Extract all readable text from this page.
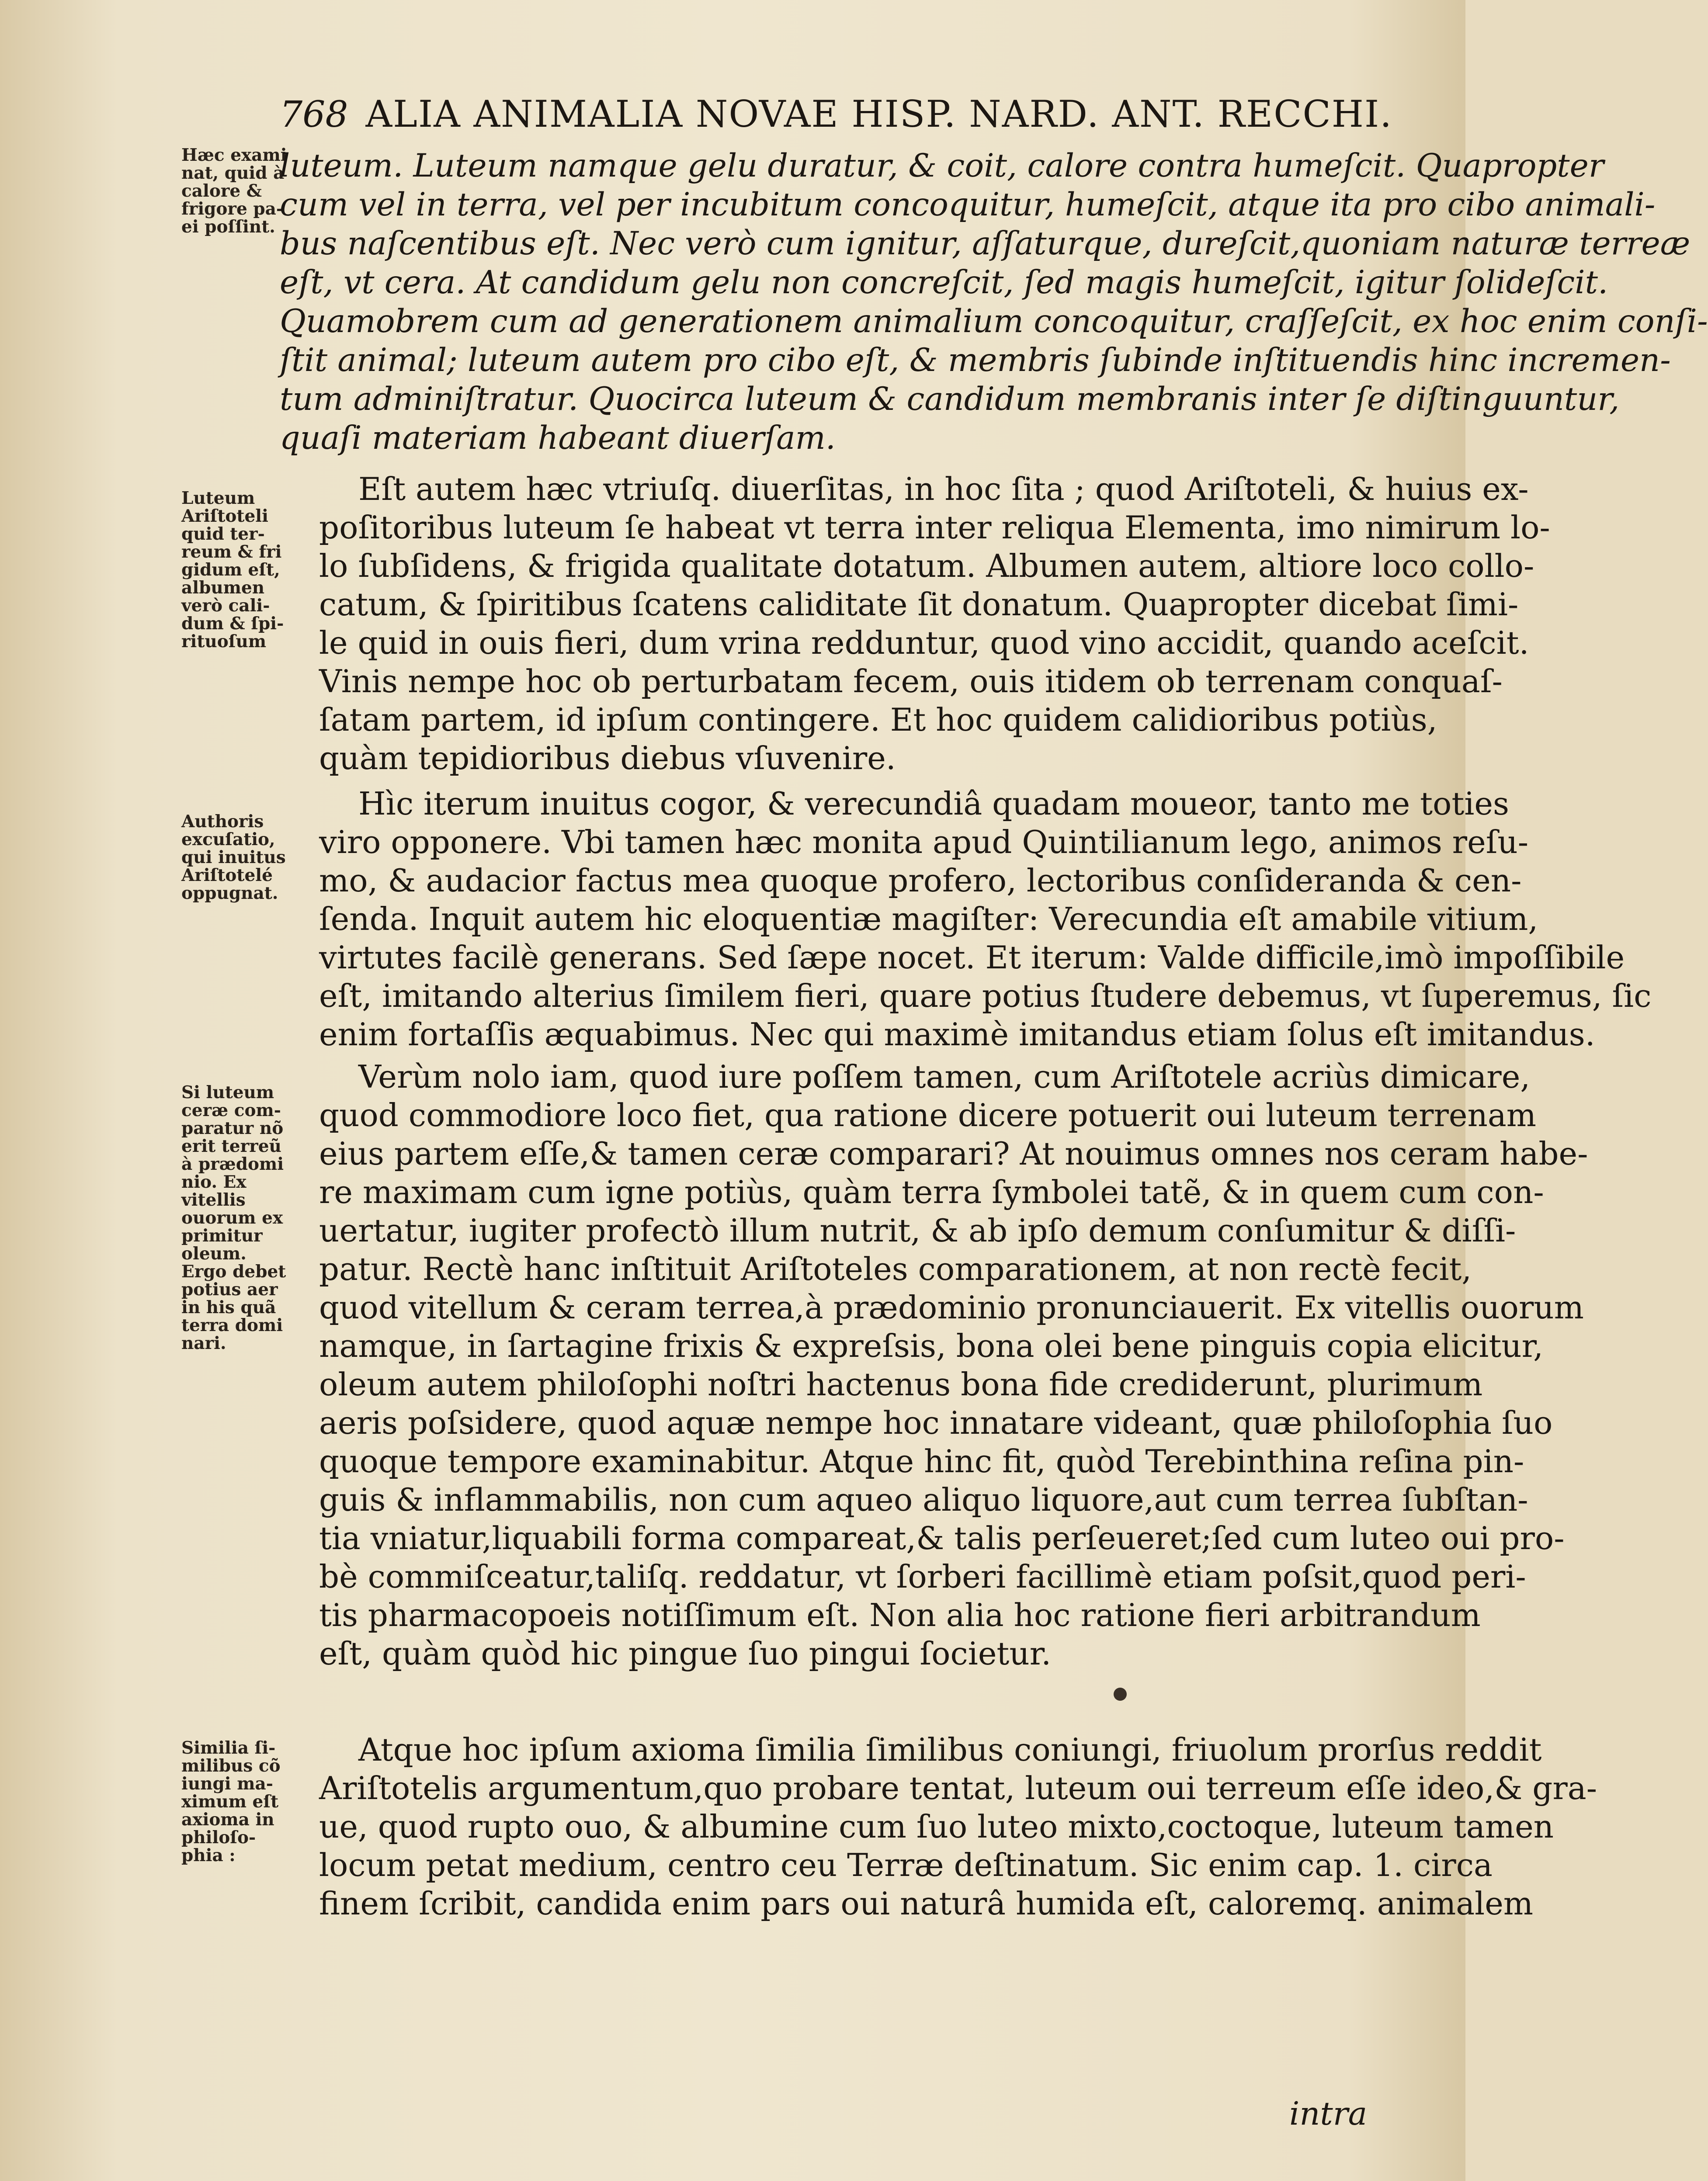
768 ALIA ANIMALIA NOVAE HISP. NARD. ANT. RECCHI.

Hæc exami nat, quid à calore & frigore pa- ei poſſint.

Luteum Ariſtoteli quid ter- reum & fri gidum eſt, albumen verò cali- dum & ſpi- rituoſum

Authoris excuſatio, qui inuitus Ariſtotelé oppugnat.

Si luteum ceræ com- paratur nõ erit terreũ à prædomi nio. Ex vitellis ouorum ex primitur oleum. Ergo debet potius aer in his quã terra domi nari.

Similia ſi- milibus cõ iungi ma- ximum eſt axioma in philoſo- phia :

luteum. Luteum namque gelu duratur, & coit, calore contra humeſcit. Quapropter
cum vel in terra, vel per incubitum concoquitur, humeſcit, atque ita pro cibo animali-
bus naſcentibus eſt. Nec verò cum ignitur, aſſaturque, dureſcit,quoniam naturæ terreæ
eſt, vt cera. At candidum gelu non concreſcit, ſed magis humeſcit, igitur ſolideſcit.
Quamobrem cum ad generationem animalium concoquitur, craſſeſcit, ex hoc enim conſi-
ſtit animal; luteum autem pro cibo eſt, & membris ſubinde inſtituendis hinc incremen-
tum adminiſtratur. Quocirca luteum & candidum membranis inter ſe diſtinguuntur,
quaſi materiam habeant diuerſam.

Eſt autem hæc vtriuſq. diuerſitas, in hoc ſita ; quod Ariſtoteli, & huius ex-
poſitoribus luteum ſe habeat vt terra inter reliqua Elementa, imo nimirum lo-
lo ſubſidens, & frigida qualitate dotatum. Albumen autem, altiore loco collo-
catum, & ſpiritibus ſcatens caliditate ſit donatum. Quapropter dicebat ſimi-
le quid in ouis fieri, dum vrina redduntur, quod vino accidit, quando aceſcit.
Vinis nempe hoc ob perturbatam fecem, ouis itidem ob terrenam conquaſ-
ſatam partem, id ipſum contingere. Et hoc quidem calidioribus potiùs,
quàm tepidioribus diebus vſuvenire.

Hìc iterum inuitus cogor, & verecundiâ quadam moueor, tanto me toties
viro opponere. Vbi tamen hæc monita apud Quintilianum lego, animos reſu-
mo, & audacior factus mea quoque profero, lectoribus conſideranda & cen-
ſenda. Inquit autem hic eloquentiæ magiſter: Verecundia eſt amabile vitium,
virtutes facilè generans. Sed ſæpe nocet. Et iterum: Valde difficile,imò impoſſibile
eſt, imitando alterius ſimilem fieri, quare potius ſtudere debemus, vt ſuperemus, ſic
enim fortaſſis æquabimus. Nec qui maximè imitandus etiam ſolus eſt imitandus.

Verùm nolo iam, quod iure poſſem tamen, cum Ariſtotele acriùs dimicare,
quod commodiore loco fiet, qua ratione dicere potuerit oui luteum terrenam
eius partem eſſe,& tamen ceræ comparari? At nouimus omnes nos ceram habe-
re maximam cum igne potiùs, quàm terra ſymbolei tatẽ, & in quem cum con-
uertatur, iugiter profectò illum nutrit, & ab ipſo demum conſumitur & diſſi-
patur. Rectè hanc inſtituit Ariſtoteles comparationem, at non rectè fecit,
quod vitellum & ceram terrea,à prædominio pronunciauerit. Ex vitellis ouorum
namque, in ſartagine frixis & expreſsis, bona olei bene pinguis copia elicitur,
oleum autem philoſophi noſtri hactenus bona fide crediderunt, plurimum
aeris poſsidere, quod aquæ nempe hoc innatare videant, quæ philoſophia ſuo
quoque tempore examinabitur. Atque hinc fit, quòd Terebinthina reſina pin-
guis & inflammabilis, non cum aqueo aliquo liquore,aut cum terrea ſubſtan-
tia vniatur,liquabili forma compareat,& talis perſeueret;ſed cum luteo oui pro-
bè commiſceatur,taliſq. reddatur, vt ſorberi facillimè etiam poſsit,quod peri-
tis pharmacopoeis notiſſimum eſt. Non alia hoc ratione fieri arbitrandum
eſt, quàm quòd hic pingue ſuo pingui ſocietur.

Atque hoc ipſum axioma ſimilia ſimilibus coniungi, friuolum prorſus reddit
Ariſtotelis argumentum,quo probare tentat, luteum oui terreum eſſe ideo,& gra-
ue, quod rupto ouo, & albumine cum ſuo luteo mixto,coctoque, luteum tamen
locum petat medium, centro ceu Terræ deſtinatum. Sic enim cap. 1. circa
finem ſcribit, candida enim pars oui naturâ humida eſt, caloremq. animalem

intra
